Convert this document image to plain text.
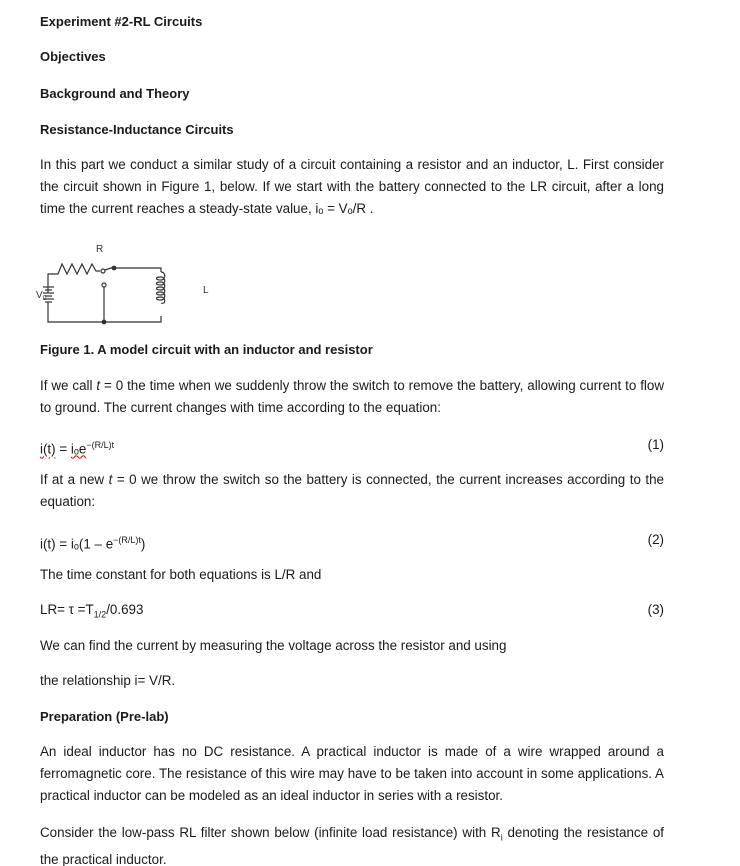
Experiment #2-RL Circuits
Objectives
Background and Theory
Resistance-Inductance Circuits
In this part we conduct a similar study of a circuit containing a resistor and an inductor, L. First consider the circuit shown in Figure 1, below. If we start with the battery connected to the LR circuit, after a long time the current reaches a steady-state value, iₒ = Vₒ/R .
R
L
$V_0$
Figure 1. A model circuit with an inductor and resistor
If we call t = 0 the time when we suddenly throw the switch to remove the battery, allowing current to flow to ground. The current changes with time according to the equation:
i(t) = iₒe$^{-(R/L)t}$	(1)
If at a new t = 0 we throw the switch so the battery is connected, the current increases according to the equation:
$i(t) = i_o(1 - e^{-(R/L)t})$	(2)
The time constant for both equations is L/R and
$LR= \tau =T_{1/2}/0.693$	(3)
We can find the current by measuring the voltage across the resistor and using
the relationship i= V/R.
Preparation (Pre-lab)
An ideal inductor has no DC resistance. A practical inductor is made of a wire wrapped around a ferromagnetic core. The resistance of this wire may have to be taken into account in some applications. A practical inductor can be modeled as an ideal inductor in series with a resistor.
Consider the low-pass RL filter shown below (infinite load resistance) with $R_i$ denoting the resistance of the practical inductor.
